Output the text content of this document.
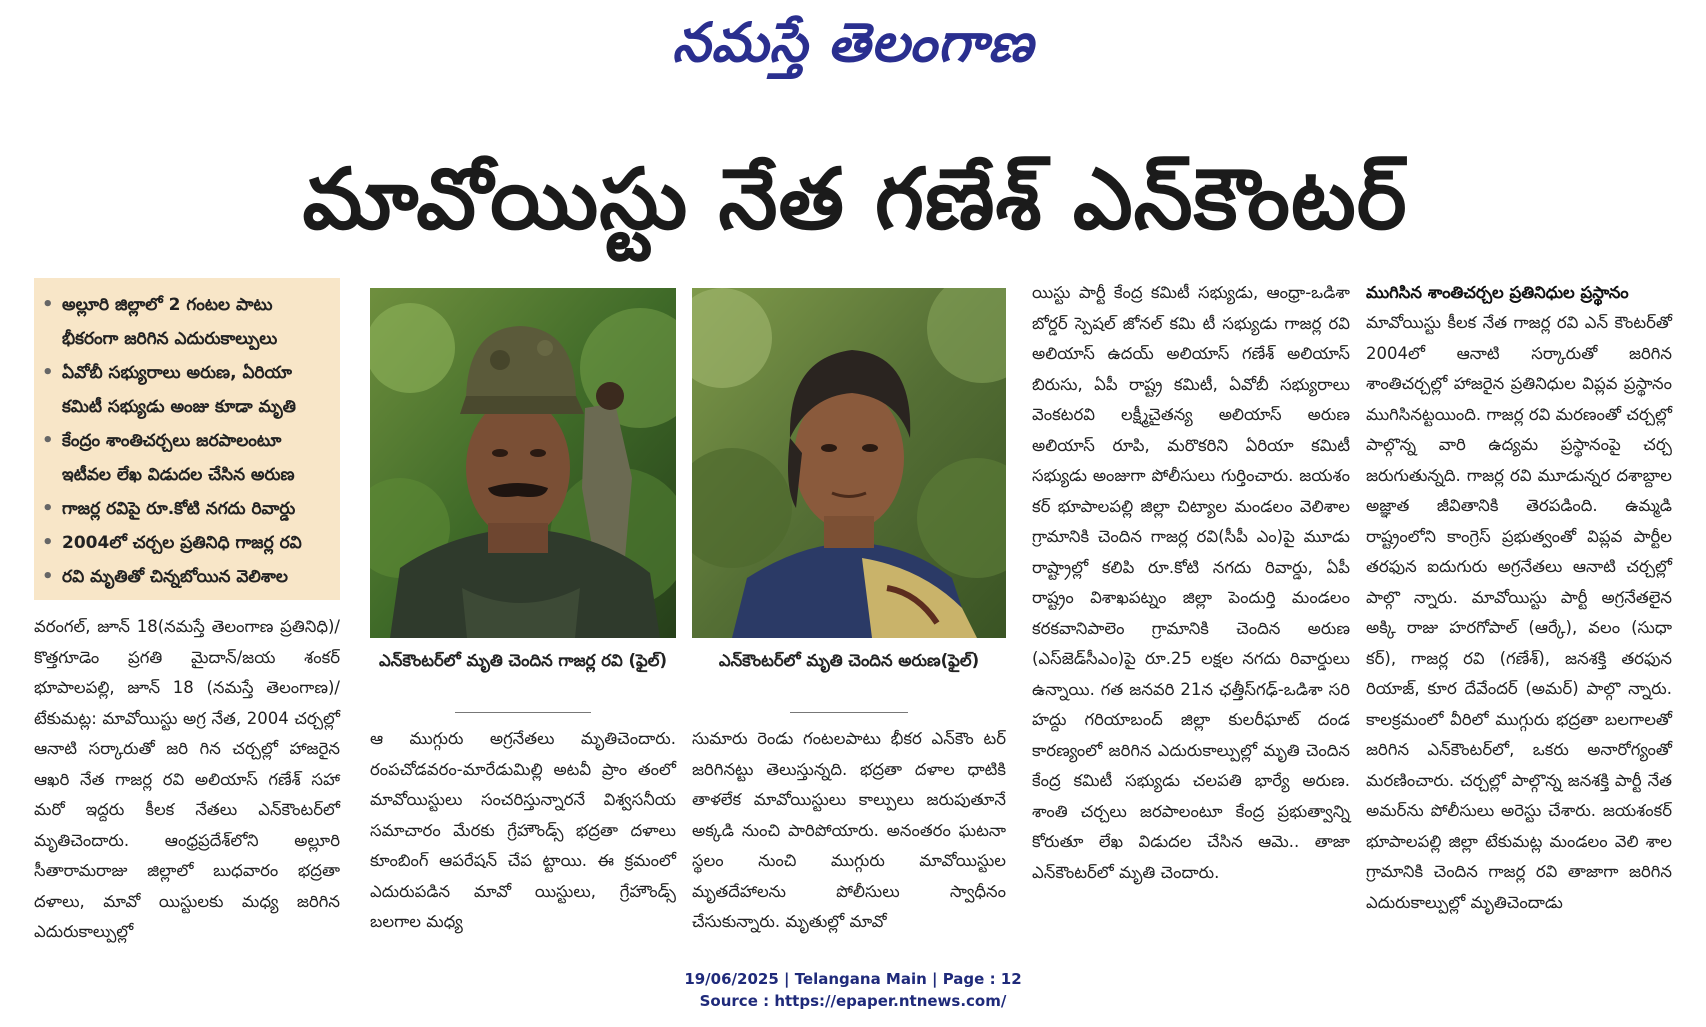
నమస్తే తెలంగాణ
మావోయిస్టు నేత గణేశ్ ఎన్‌కౌంటర్
• అల్లూరి జిల్లాలో 2 గంటల పాటు భీకరంగా జరిగిన ఎదురుకాల్పులు
• ఏవోబీ సభ్యురాలు అరుణ, ఏరియా కమిటీ సభ్యుడు అంజు కూడా మృతి
• కేంద్రం శాంతిచర్చలు జరపాలంటూ ఇటీవల లేఖ విడుదల చేసిన అరుణ
• గాజర్ల రవిపై రూ.కోటి నగదు రివార్డు
• 2004లో చర్చల ప్రతినిధి గాజర్ల రవి
• రవి మృతితో చిన్నబోయిన వెలిశాల
వరంగల్, జూన్ 18(నమస్తే తెలంగాణ ప్రతినిధి)/కొత్తగూడెం ప్రగతి మైదాన్/జయ శంకర్ భూపాలపల్లి, జూన్ 18 (నమస్తే తెలంగాణ)/టేకుమట్ల: మావోయిస్టు అగ్ర నేత, 2004 చర్చల్లో ఆనాటి సర్కారుతో జరి గిన చర్చల్లో హాజరైన ఆఖరి నేత గాజర్ల రవి అలియాస్ గణేశ్ సహా మరో ఇద్దరు కీలక నేతలు ఎన్‌కౌంటర్‌లో మృతిచెందారు. ఆంధ్రప్రదేశ్‌లోని అల్లూరి సీతారామరాజు జిల్లాలో బుధవారం భద్రతా దళాలు, మావో యిస్టులకు మధ్య జరిగిన ఎదురుకాల్పుల్లో
ఎన్‌కౌంటర్‌లో మృతి చెందిన గాజర్ల రవి (ఫైల్)	ఎన్‌కౌంటర్‌లో మృతి చెందిన అరుణ(ఫైల్)
ఆ ముగ్గురు అగ్రనేతలు మృతిచెందారు. రంపచోడవరం-మారేడుమిల్లి అటవీ ప్రాం తంలో మావోయిస్టులు సంచరిస్తున్నారనే విశ్వసనీయ సమాచారం మేరకు గ్రేహౌండ్స్ భద్రతా దళాలు కూంబింగ్ ఆపరేషన్ చేప ట్టాయి. ఈ క్రమంలో ఎదురుపడిన మావో యిస్టులు, గ్రేహౌండ్స్ బలగాల మధ్య
సుమారు రెండు గంటలపాటు భీకర ఎన్‌కౌం టర్ జరిగినట్టు తెలుస్తున్నది. భద్రతా దళాల ధాటికి తాళలేక మావోయిస్టులు కాల్పులు జరుపుతూనే అక్కడి నుంచి పారిపోయారు. అనంతరం ఘటనా స్థలం నుంచి ముగ్గురు మావోయిస్టుల మృతదేహాలను పోలీసులు స్వాధీనం చేసుకున్నారు. మృతుల్లో మావో
యిస్టు పార్టీ కేంద్ర కమిటీ సభ్యుడు, ఆంధ్రా-ఒడిశా బోర్డర్ స్పెషల్ జోనల్ కమి టీ సభ్యుడు గాజర్ల రవి అలియాస్ ఉదయ్ అలియాస్ గణేశ్ అలియాస్ బిరుసు, ఏపీ రాష్ట్ర కమిటీ, ఏవోబీ సభ్యురాలు వెంకటరవి లక్ష్మీచైతన్య అలియాస్ అరుణ అలియాస్ రూపి, మరొకరిని ఏరియా కమిటీ సభ్యుడు అంజుగా పోలీసులు గుర్తించారు. జయశం కర్ భూపాలపల్లి జిల్లా చిట్యాల మండలం వెలిశాల గ్రామానికి చెందిన గాజర్ల రవి(సీపీ ఎం)పై మూడు రాష్ట్రాల్లో కలిపి రూ.కోటి నగదు రివార్డు, ఏపీ రాష్ట్రం విశాఖపట్నం జిల్లా పెందుర్తి మండలం కరకవానిపాలెం గ్రామానికి చెందిన అరుణ (ఎస్‌జెడ్‌సీఎం)పై రూ.25 లక్షల నగదు రివార్డులు ఉన్నాయి. గత జనవరి 21న ఛత్తీస్‌గఢ్-ఒడిశా సరి హద్దు గరియాబంద్ జిల్లా కులరీఘాట్ దండ కారణ్యంలో జరిగిన ఎదురుకాల్పుల్లో మృతి చెందిన కేంద్ర కమిటీ సభ్యుడు చలపతి భార్యే అరుణ. శాంతి చర్చలు జరపాలంటూ కేంద్ర ప్రభుత్వాన్ని కోరుతూ లేఖ విడుదల చేసిన ఆమె.. తాజా ఎన్‌కౌంటర్‌లో మృతి చెందారు.
ముగిసిన శాంతిచర్చల ప్రతినిధుల ప్రస్థానం
మావోయిస్టు కీలక నేత గాజర్ల రవి ఎన్ కౌంటర్‌తో 2004లో ఆనాటి సర్కారుతో జరిగిన శాంతిచర్చల్లో హాజరైన ప్రతినిధుల విప్లవ ప్రస్థానం ముగిసినట్టయింది. గాజర్ల రవి మరణంతో చర్చల్లో పాల్గొన్న వారి ఉద్యమ ప్రస్థానంపై చర్చ జరుగుతున్నది. గాజర్ల రవి మూడున్నర దశాబ్దాల అజ్ఞాత జీవితానికి తెరపడింది. ఉమ్మడి రాష్ట్రంలోని కాంగ్రెస్ ప్రభుత్వంతో విప్లవ పార్టీల తరఫున ఐదుగురు అగ్రనేతలు ఆనాటి చర్చల్లో పాల్గొ న్నారు. మావోయిస్టు పార్టీ అగ్రనేతలైన అక్కి రాజు హరగోపాల్ (ఆర్కే), వలం (సుధా కర్), గాజర్ల రవి (గణేశ్), జనశక్తి తరఫున రియాజ్, కూర దేవేందర్ (అమర్) పాల్గొ న్నారు. కాలక్రమంలో వీరిలో ముగ్గురు భద్రతా బలగాలతో జరిగిన ఎన్‌కౌంటర్‌లో, ఒకరు అనారోగ్యంతో మరణించారు. చర్చల్లో పాల్గొన్న జనశక్తి పార్టీ నేత అమర్‌ను పోలీసులు అరెస్టు చేశారు. జయశంకర్ భూపాలపల్లి జిల్లా టేకుమట్ల మండలం వెలి శాల గ్రామానికి చెందిన గాజర్ల రవి తాజాగా జరిగిన ఎదురుకాల్పుల్లో మృతిచెందాడు
19/06/2025 | Telangana Main | Page : 12
Source : https://epaper.ntnews.com/
